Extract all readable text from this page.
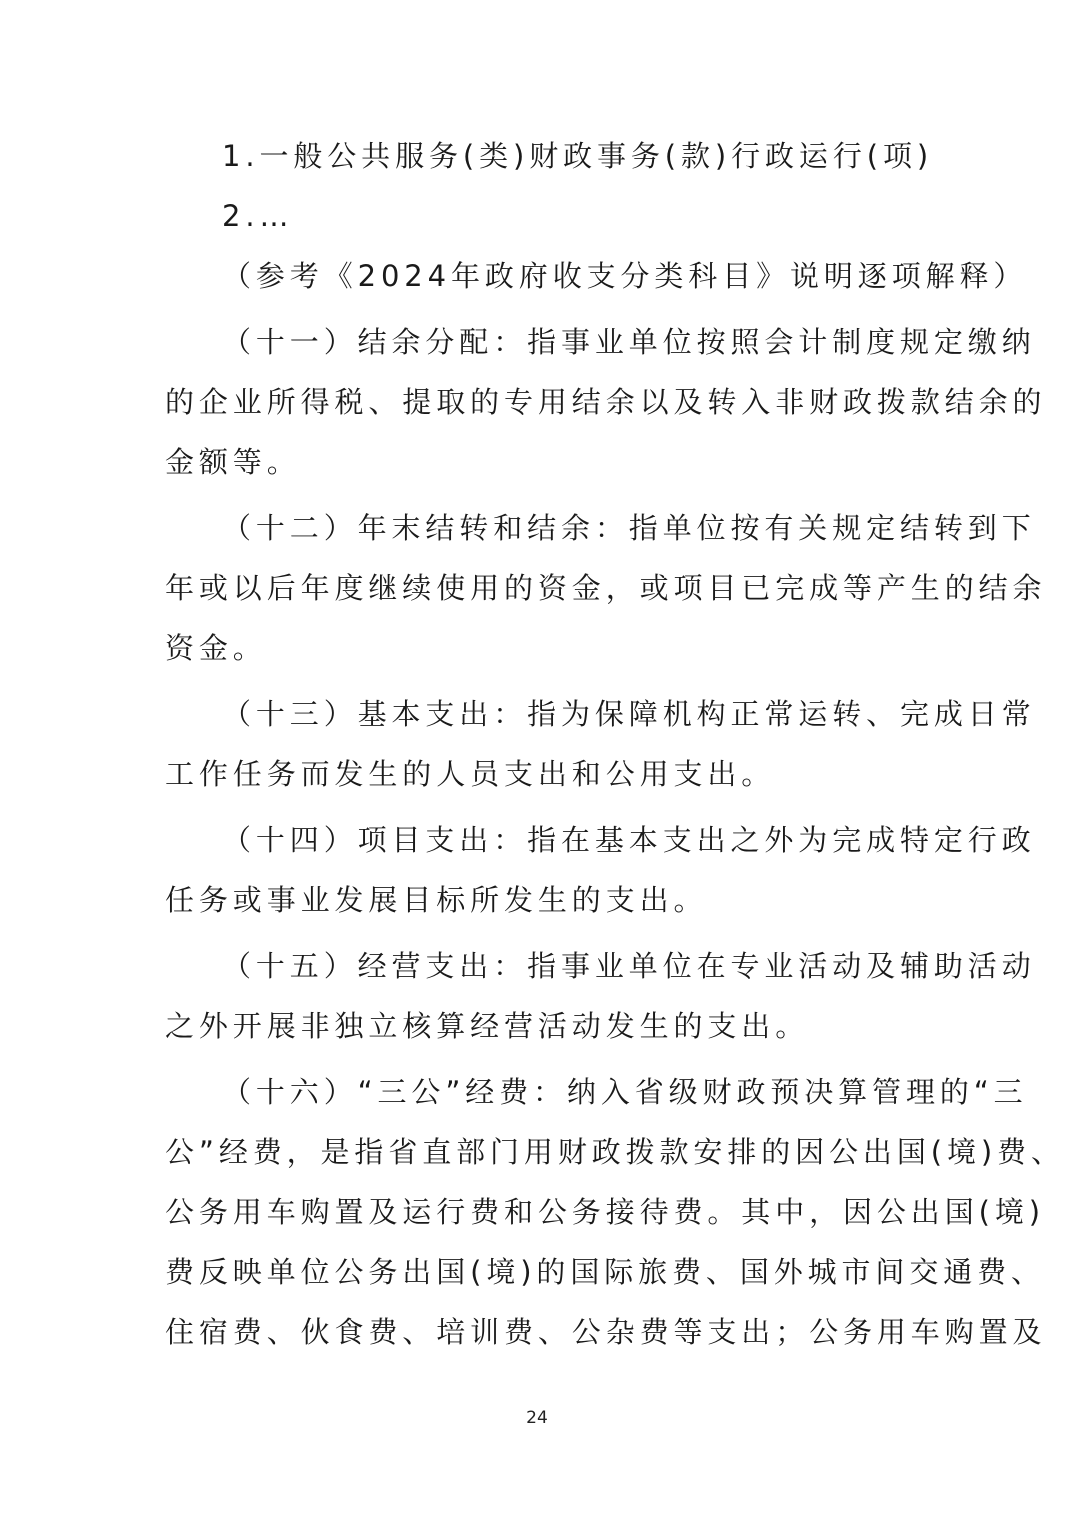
1.一般公共服务(类)财政事务(款)行政运行(项)
2.…
（参考《2024年政府收支分类科目》说明逐项解释）
（十一）结余分配：指事业单位按照会计制度规定缴纳
的企业所得税、提取的专用结余以及转入非财政拨款结余的
金额等。
（十二）年末结转和结余：指单位按有关规定结转到下
年或以后年度继续使用的资金，或项目已完成等产生的结余
资金。
（十三）基本支出：指为保障机构正常运转、完成日常
工作任务而发生的人员支出和公用支出。
（十四）项目支出：指在基本支出之外为完成特定行政
任务或事业发展目标所发生的支出。
（十五）经营支出：指事业单位在专业活动及辅助活动
之外开展非独立核算经营活动发生的支出。
（十六）“三公”经费：纳入省级财政预决算管理的“三
公”经费，是指省直部门用财政拨款安排的因公出国(境)费、
公务用车购置及运行费和公务接待费。其中，因公出国(境)
费反映单位公务出国(境)的国际旅费、国外城市间交通费、
住宿费、伙食费、培训费、公杂费等支出；公务用车购置及
24
